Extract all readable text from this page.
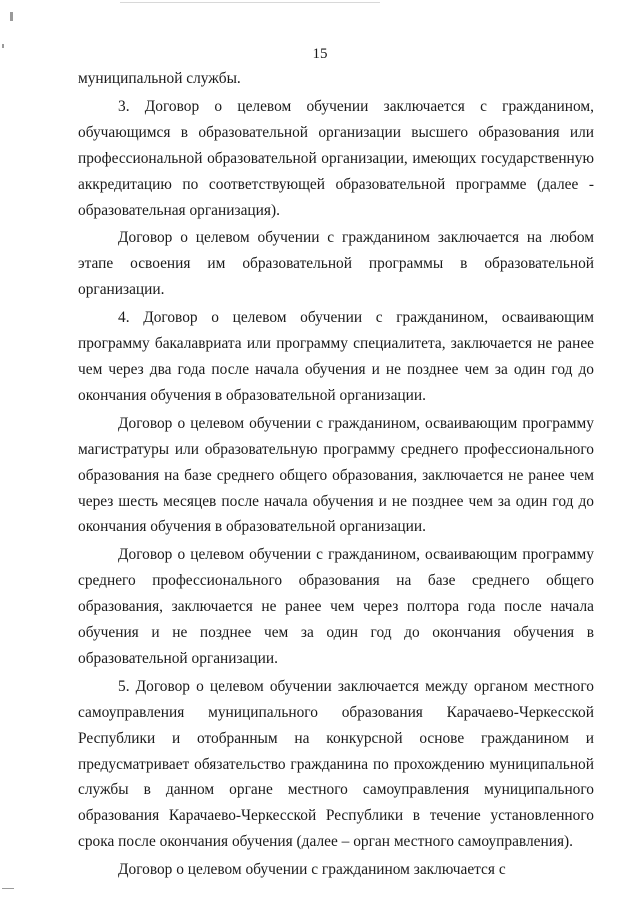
15

муниципальной службы.

3. Договор о целевом обучении заключается с гражданином, обучающимся в образовательной организации высшего образования или профессиональной образовательной организации, имеющих государственную аккредитацию по соответствующей образовательной программе (далее - образовательная организация).

Договор о целевом обучении с гражданином заключается на любом этапе освоения им образовательной программы в образовательной организации.

4. Договор о целевом обучении с гражданином, осваивающим программу бакалавриата или программу специалитета, заключается не ранее чем через два года после начала обучения и не позднее чем за один год до окончания обучения в образовательной организации.

Договор о целевом обучении с гражданином, осваивающим программу магистратуры или образовательную программу среднего профессионального образования на базе среднего общего образования, заключается не ранее чем через шесть месяцев после начала обучения и не позднее чем за один год до окончания обучения в образовательной организации.

Договор о целевом обучении с гражданином, осваивающим программу среднего профессионального образования на базе среднего общего образования, заключается не ранее чем через полтора года после начала обучения и не позднее чем за один год до окончания обучения в образовательной организации.

5. Договор о целевом обучении заключается между органом местного самоуправления муниципального образования Карачаево-Черкесской Республики и отобранным на конкурсной основе гражданином и предусматривает обязательство гражданина по прохождению муниципальной службы в данном органе местного самоуправления муниципального образования Карачаево-Черкесской Республики в течение установленного срока после окончания обучения (далее – орган местного самоуправления).

Договор о целевом обучении с гражданином заключается с
